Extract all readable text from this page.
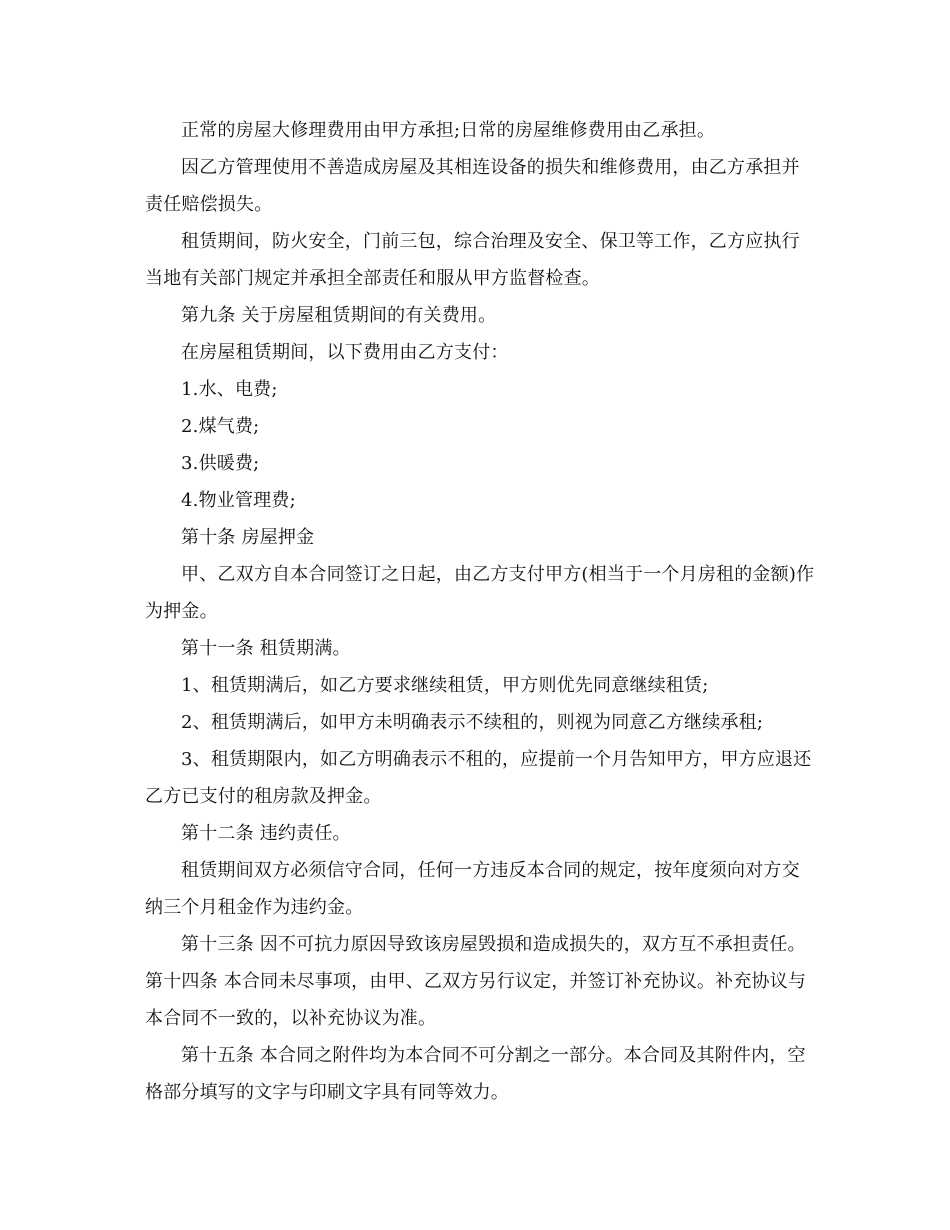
正常的房屋大修理费用由甲方承担;日常的房屋维修费用由乙承担。

因乙方管理使用不善造成房屋及其相连设备的损失和维修费用，由乙方承担并责任赔偿损失。

租赁期间，防火安全，门前三包，综合治理及安全、保卫等工作，乙方应执行当地有关部门规定并承担全部责任和服从甲方监督检查。

第九条 关于房屋租赁期间的有关费用。

在房屋租赁期间，以下费用由乙方支付：

1.水、电费;

2.煤气费;

3.供暖费;

4.物业管理费;

第十条 房屋押金

甲、乙双方自本合同签订之日起，由乙方支付甲方(相当于一个月房租的金额)作为押金。

第十一条 租赁期满。

1、租赁期满后，如乙方要求继续租赁，甲方则优先同意继续租赁;

2、租赁期满后，如甲方未明确表示不续租的，则视为同意乙方继续承租;

3、租赁期限内，如乙方明确表示不租的，应提前一个月告知甲方，甲方应退还乙方已支付的租房款及押金。

第十二条 违约责任。

租赁期间双方必须信守合同，任何一方违反本合同的规定，按年度须向对方交纳三个月租金作为违约金。

第十三条 因不可抗力原因导致该房屋毁损和造成损失的，双方互不承担责任。 第十四条 本合同未尽事项，由甲、乙双方另行议定，并签订补充协议。补充协议与本合同不一致的，以补充协议为准。

第十五条 本合同之附件均为本合同不可分割之一部分。本合同及其附件内，空格部分填写的文字与印刷文字具有同等效力。
